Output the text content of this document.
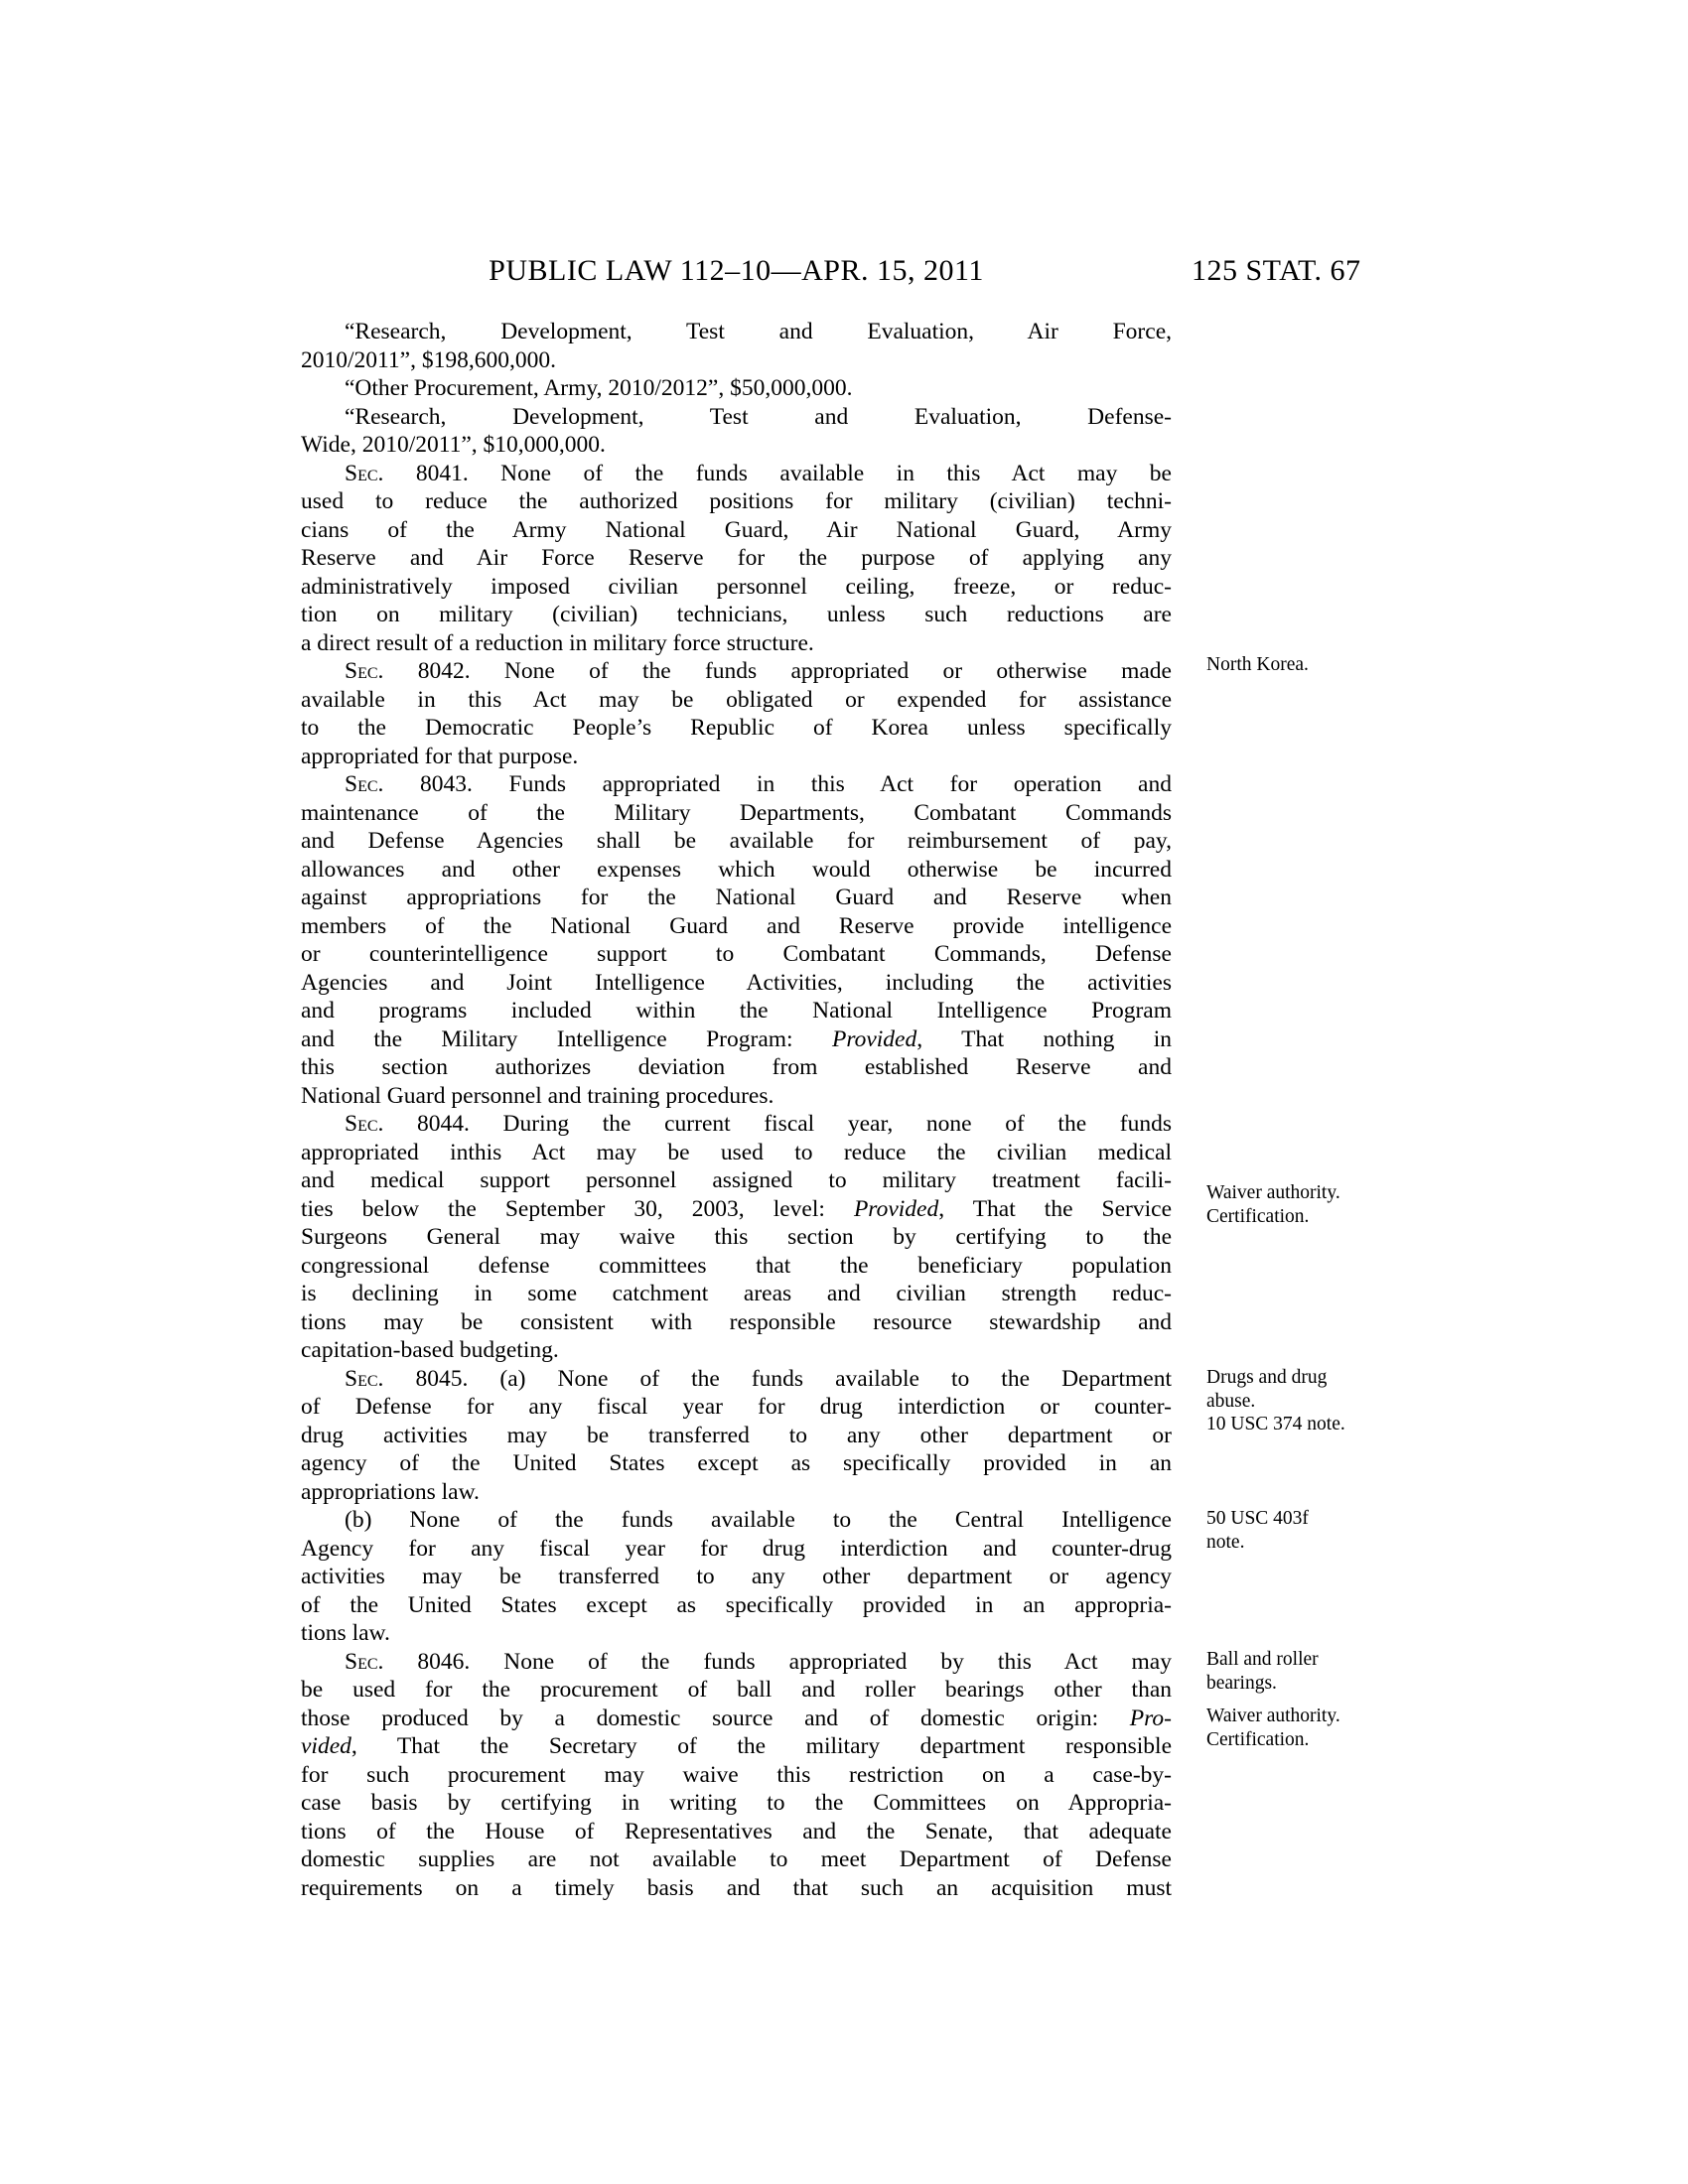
PUBLIC LAW 112–10—APR. 15, 2011	125 STAT. 67
“Research, Development, Test and Evaluation, Air Force,
2010/2011”, $198,600,000.
“Other Procurement, Army, 2010/2012”, $50,000,000.
“Research, Development, Test and Evaluation, Defense-
Wide, 2010/2011”, $10,000,000.
Sec. 8041. None of the funds available in this Act may be
used to reduce the authorized positions for military (civilian) techni-
cians of the Army National Guard, Air National Guard, Army
Reserve and Air Force Reserve for the purpose of applying any
administratively imposed civilian personnel ceiling, freeze, or reduc-
tion on military (civilian) technicians, unless such reductions are
a direct result of a reduction in military force structure.
Sec. 8042. None of the funds appropriated or otherwise made
available in this Act may be obligated or expended for assistance
to the Democratic People’s Republic of Korea unless specifically
appropriated for that purpose.
Sec. 8043. Funds appropriated in this Act for operation and
maintenance of the Military Departments, Combatant Commands
and Defense Agencies shall be available for reimbursement of pay,
allowances and other expenses which would otherwise be incurred
against appropriations for the National Guard and Reserve when
members of the National Guard and Reserve provide intelligence
or counterintelligence support to Combatant Commands, Defense
Agencies and Joint Intelligence Activities, including the activities
and programs included within the National Intelligence Program
and the Military Intelligence Program: Provided, That nothing in
this section authorizes deviation from established Reserve and
National Guard personnel and training procedures.
Sec. 8044. During the current fiscal year, none of the funds
appropriated inthis Act may be used to reduce the civilian medical
and medical support personnel assigned to military treatment facili-
ties below the September 30, 2003, level: Provided, That the Service
Surgeons General may waive this section by certifying to the
congressional defense committees that the beneficiary population
is declining in some catchment areas and civilian strength reduc-
tions may be consistent with responsible resource stewardship and
capitation-based budgeting.
Sec. 8045. (a) None of the funds available to the Department
of Defense for any fiscal year for drug interdiction or counter-
drug activities may be transferred to any other department or
agency of the United States except as specifically provided in an
appropriations law.
(b) None of the funds available to the Central Intelligence
Agency for any fiscal year for drug interdiction and counter-drug
activities may be transferred to any other department or agency
of the United States except as specifically provided in an appropria-
tions law.
Sec. 8046. None of the funds appropriated by this Act may
be used for the procurement of ball and roller bearings other than
those produced by a domestic source and of domestic origin: Pro-
vided, That the Secretary of the military department responsible
for such procurement may waive this restriction on a case-by-
case basis by certifying in writing to the Committees on Appropria-
tions of the House of Representatives and the Senate, that adequate
domestic supplies are not available to meet Department of Defense
requirements on a timely basis and that such an acquisition must
North Korea.
Waiver authority.
Certification.
Drugs and drug
abuse.
10 USC 374 note.
50 USC 403f
note.
Ball and roller
bearings.
Waiver authority.
Certification.
